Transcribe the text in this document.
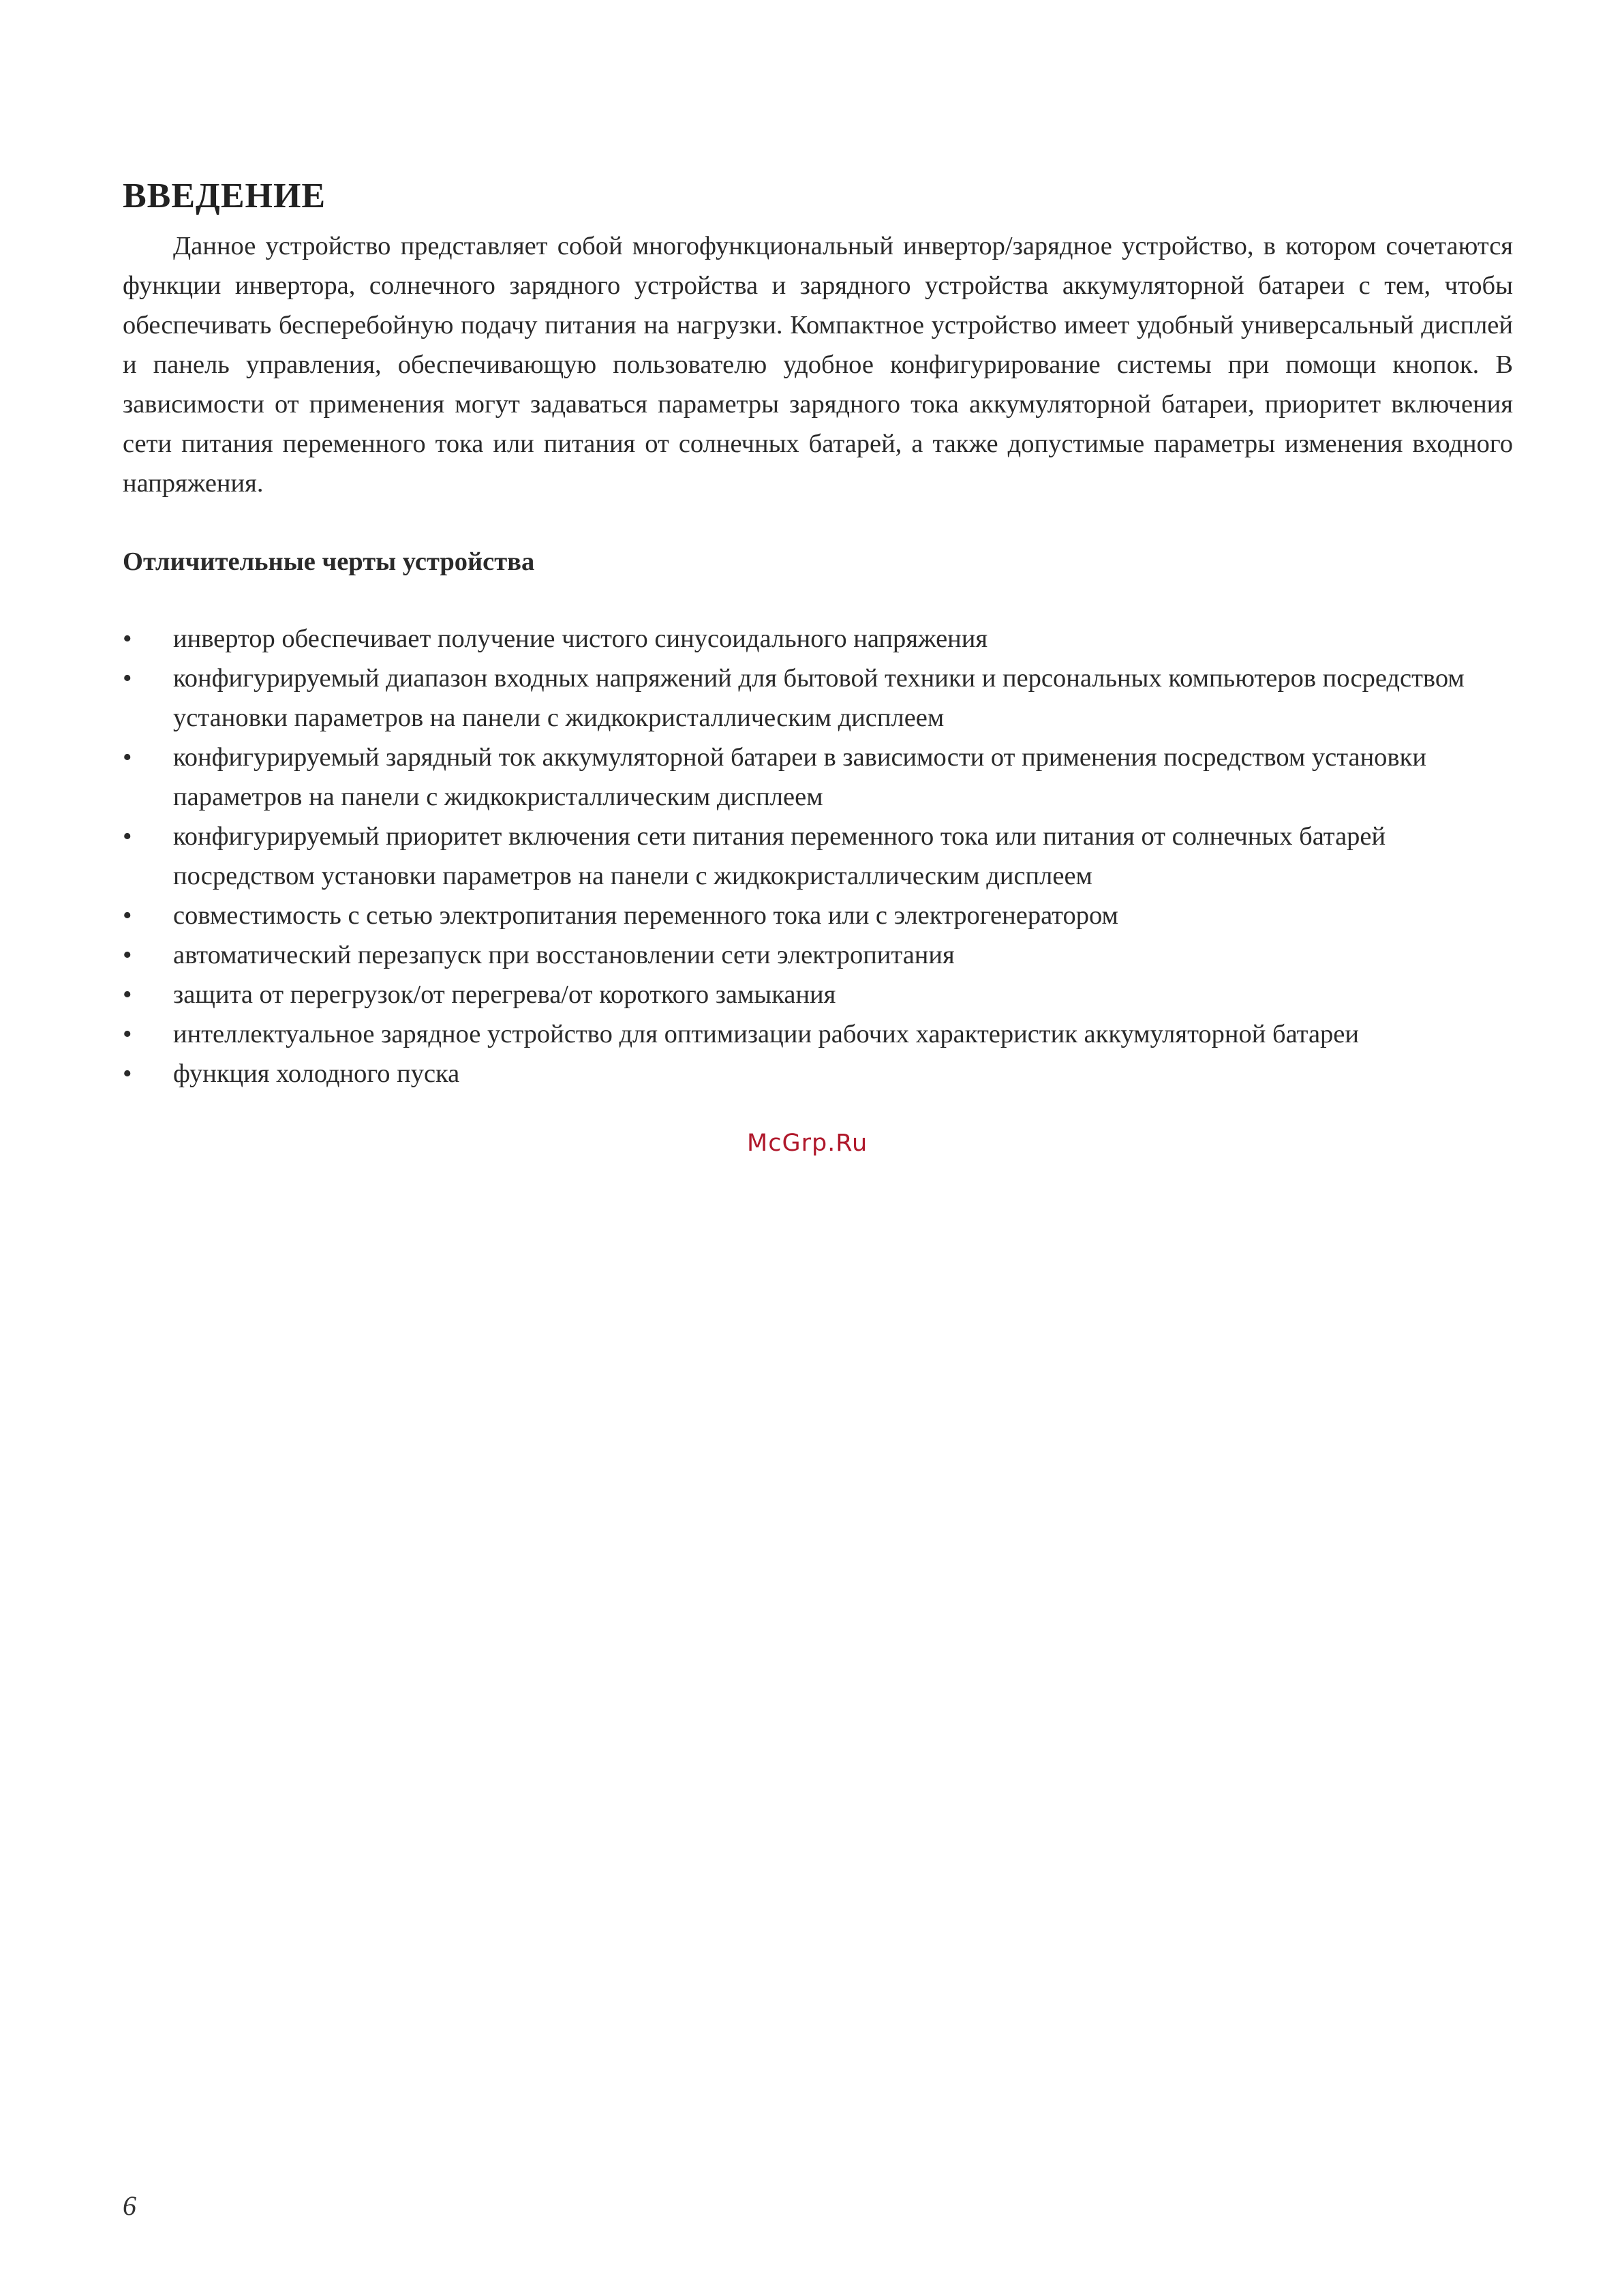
ВВЕДЕНИЕ

Данное устройство представляет собой многофункциональный инвертор/зарядное устройство, в котором сочетаются функции инвертора, солнечного зарядного устройства и зарядного устройства аккумуляторной батареи с тем, чтобы обеспечивать бесперебойную подачу питания на нагрузки. Компактное устройство имеет удобный универсальный дисплей и панель управления, обеспечивающую пользователю удобное конфигурирование системы при помощи кнопок. В зависимости от применения могут задаваться параметры зарядного тока аккумуляторной батареи, приоритет включения сети питания переменного тока или питания от солнечных батарей, а также допустимые параметры изменения входного напряжения.

Отличительные черты устройства
• инвертор обеспечивает получение чистого синусоидального напряжения
• конфигурируемый диапазон входных напряжений для бытовой техники и персональных компьютеров посредством установки параметров на панели с жидкокристаллическим дисплеем
• конфигурируемый зарядный ток аккумуляторной батареи в зависимости от применения посредством установки параметров на панели с жидкокристаллическим дисплеем
• конфигурируемый приоритет включения сети питания переменного тока или питания от солнечных батарей посредством установки параметров на панели с жидкокристаллическим дисплеем
• совместимость с сетью электропитания переменного тока или с электрогенератором
• автоматический перезапуск при восстановлении сети электропитания
• защита от перегрузок/от перегрева/от короткого замыкания
• интеллектуальное зарядное устройство для оптимизации рабочих характеристик аккумуляторной батареи
• функция холодного пуска
McGrp.Ru
6
